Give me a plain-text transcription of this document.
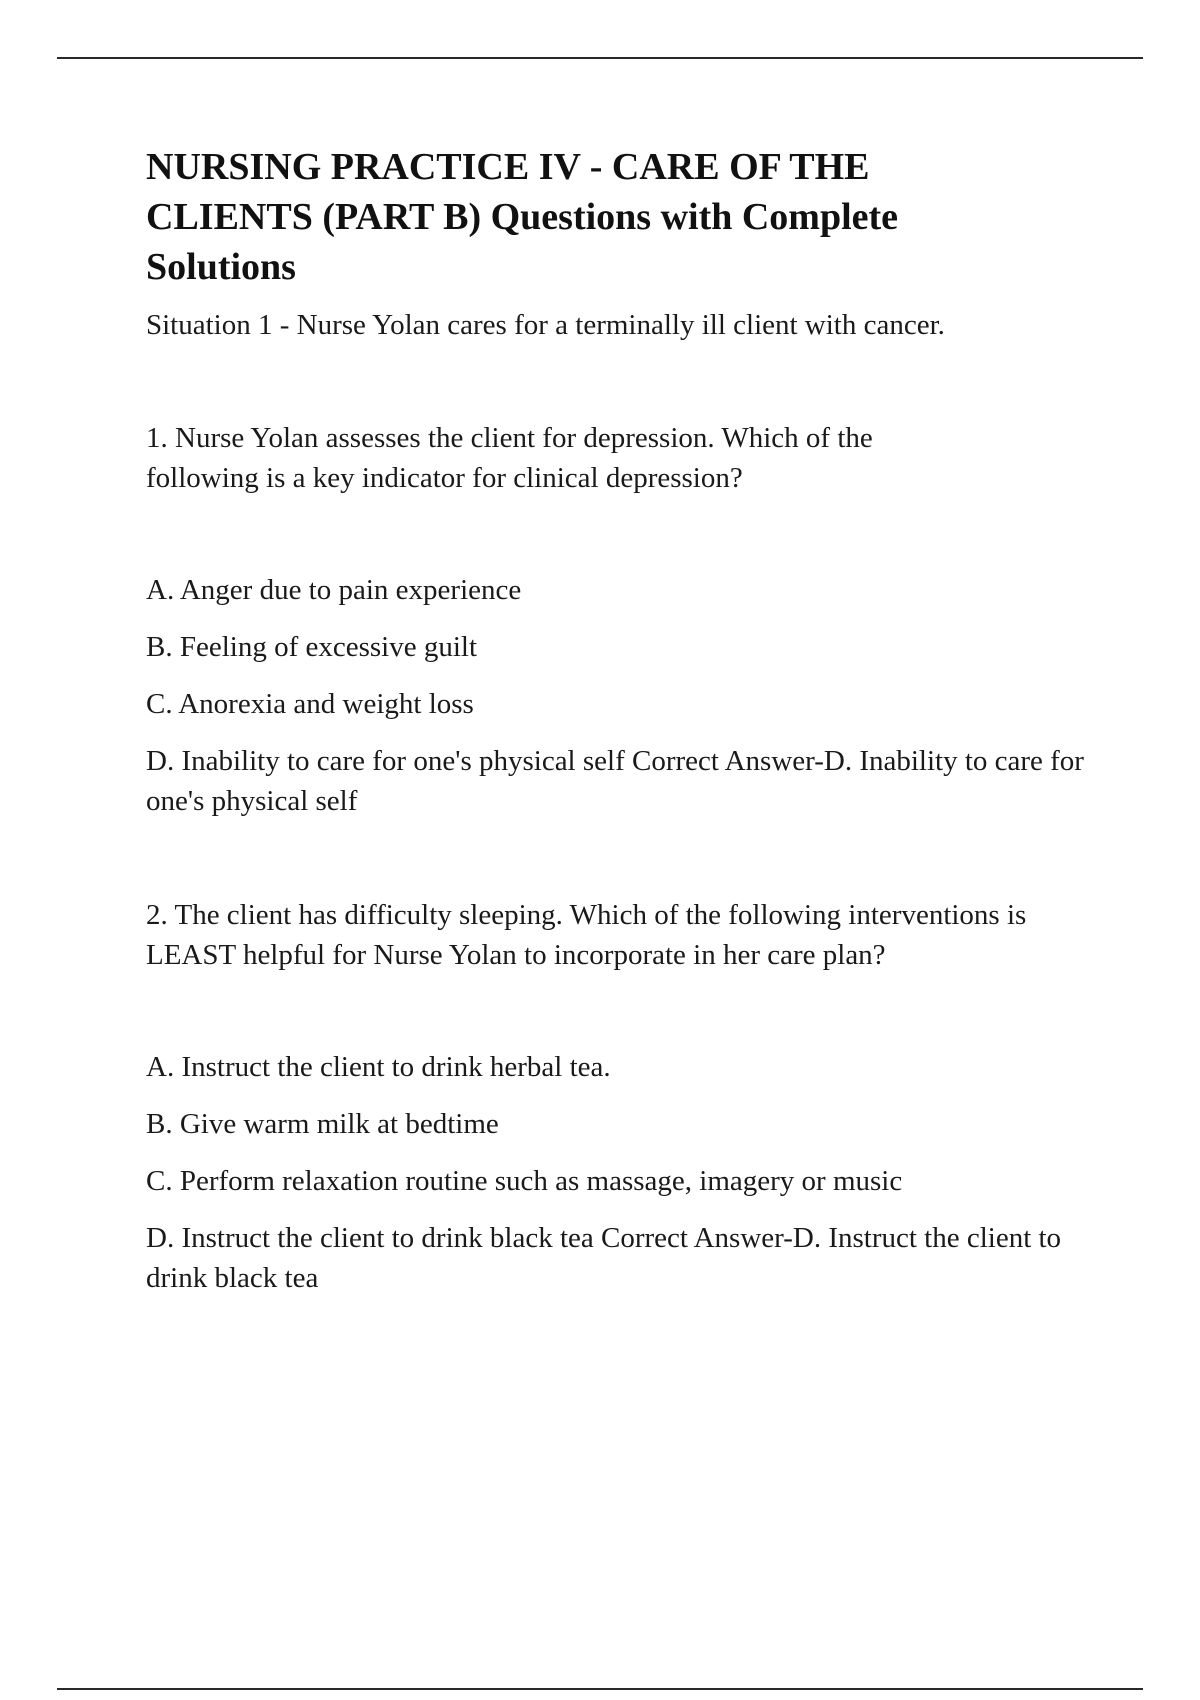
NURSING PRACTICE IV - CARE OF THE CLIENTS (PART B) Questions with Complete Solutions
Situation 1 - Nurse Yolan cares for a terminally ill client with cancer.
1. Nurse Yolan assesses the client for depression. Which of the following is a key indicator for clinical depression?
A. Anger due to pain experience
B. Feeling of excessive guilt
C. Anorexia and weight loss
D. Inability to care for one's physical self Correct Answer-D. Inability to care for one's physical self
2. The client has difficulty sleeping. Which of the following interventions is LEAST helpful for Nurse Yolan to incorporate in her care plan?
A. Instruct the client to drink herbal tea.
B. Give warm milk at bedtime
C. Perform relaxation routine such as massage, imagery or music
D. Instruct the client to drink black tea Correct Answer-D. Instruct the client to drink black tea
